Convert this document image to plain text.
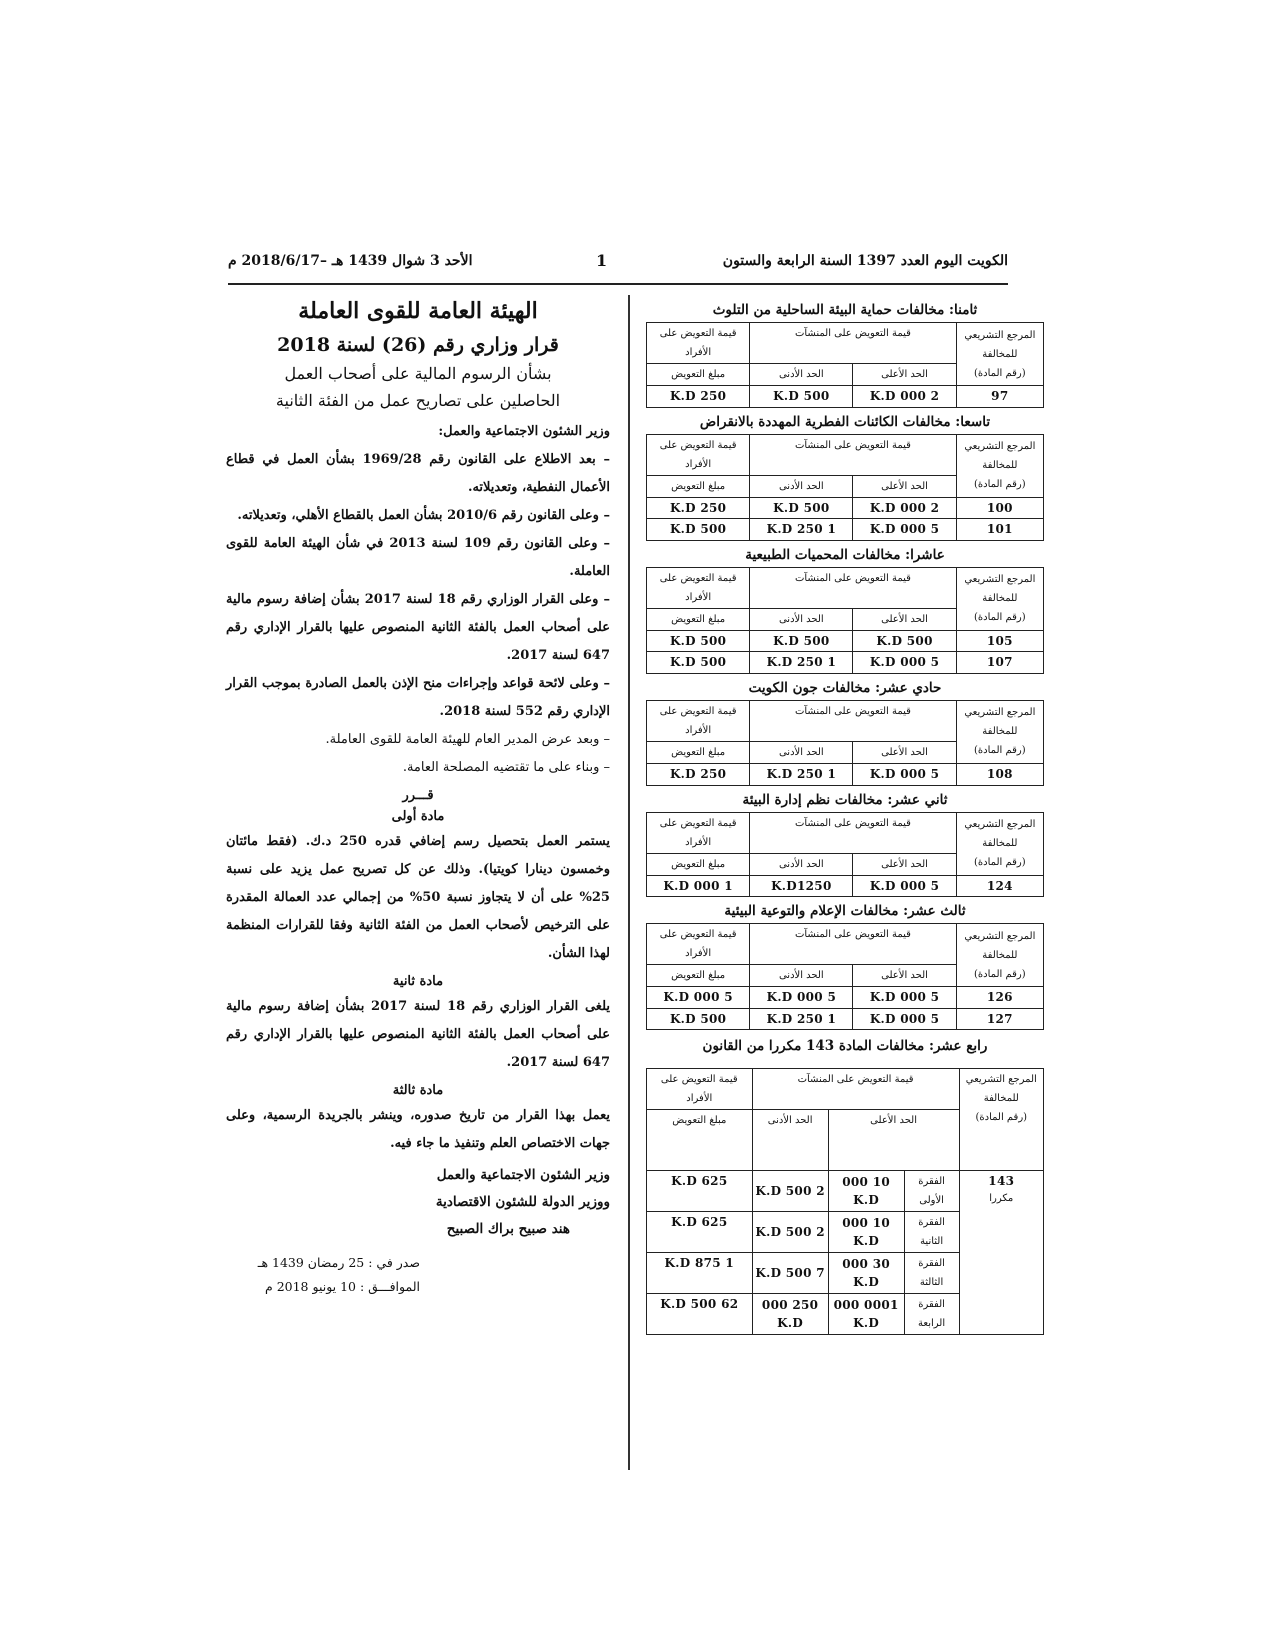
الكويت اليوم العدد 1397 السنة الرابعة والستون
1
الأحد 3 شوال 1439 هـ –2018/6/17 م
ثامنا: مخالفات حماية البيئة الساحلية من التلوث
المرجع التشريعي للمخالفة
(رقم المادة)	قيمة التعويض على المنشآت		قيمة التعويض على الأفراد
	الحد الأعلى	الحد الأدنى	مبلغ التعويض
97	2 000 K.D	500 K.D	250 K.D
تاسعا: مخالفات الكائنات الفطرية المهددة بالانقراض
المرجع التشريعي للمخالفة
(رقم المادة)	قيمة التعويض على المنشآت		قيمة التعويض على الأفراد
	الحد الأعلى	الحد الأدنى	مبلغ التعويض
100	2 000 K.D	500 K.D	250 K.D
101	5 000 K.D	1 250 K.D	500 K.D
عاشرا: مخالفات المحميات الطبيعية
المرجع التشريعي للمخالفة
(رقم المادة)	قيمة التعويض على المنشآت		قيمة التعويض على الأفراد
	الحد الأعلى	الحد الأدنى	مبلغ التعويض
105	500 K.D	500 K.D	500 K.D
107	5 000 K.D	1 250 K.D	500 K.D
حادي عشر: مخالفات جون الكويت
المرجع التشريعي للمخالفة
(رقم المادة)	قيمة التعويض على المنشآت		قيمة التعويض على الأفراد
	الحد الأعلى	الحد الأدنى	مبلغ التعويض
108	5 000 K.D	1 250 K.D	250 K.D
ثاني عشر: مخالفات نظم إدارة البيئة
المرجع التشريعي للمخالفة
(رقم المادة)	قيمة التعويض على المنشآت		قيمة التعويض على الأفراد
	الحد الأعلى	الحد الأدنى	مبلغ التعويض
124	5 000 K.D	K.D1250	1 000 K.D
ثالث عشر: مخالفات الإعلام والتوعية البيئية
المرجع التشريعي للمخالفة
(رقم المادة)	قيمة التعويض على المنشآت		قيمة التعويض على الأفراد
	الحد الأعلى	الحد الأدنى	مبلغ التعويض
126	5 000 K.D	5 000 K.D	5 000 K.D
127	5 000 K.D	1 250 K.D	500 K.D
رابع عشر: مخالفات المادة 143 مكررا من القانون
المرجع التشريعي للمخالفة
(رقم المادة)	قيمة التعويض على المنشآت			قيمة التعويض على الأفراد
	الحد الأعلى		الحد الأدنى	مبلغ التعويض

143
مكررا	الفقرة الأولى	10 000 K.D	2 500 K.D	625 K.D
	الفقرة الثانية	10 000 K.D	2 500 K.D	625 K.D
	الفقرة الثالثة	30 000 K.D	7 500 K.D	1 875 K.D
	الفقرة الرابعة	0001 000 K.D	250 000 K.D	62 500 K.D
الهيئة العامة للقوى العاملة
قرار وزاري رقم (26) لسنة 2018
بشأن الرسوم المالية على أصحاب العمل
الحاصلين على تصاريح عمل من الفئة الثانية

وزير الشئون الاجتماعية والعمل:

– بعد الاطلاع على القانون رقم 1969/28 بشأن العمل في قطاع الأعمال النفطية، وتعديلاته.

– وعلى القانون رقم 2010/6 بشأن العمل بالقطاع الأهلي، وتعديلاته.

– وعلى القانون رقم 109 لسنة 2013 في شأن الهيئة العامة للقوى العاملة.

– وعلى القرار الوزاري رقم 18 لسنة 2017 بشأن إضافة رسوم مالية على أصحاب العمل بالفئة الثانية المنصوص عليها بالقرار الإداري رقم 647 لسنة 2017.

– وعلى لائحة قواعد وإجراءات منح الإذن بالعمل الصادرة بموجب القرار الإداري رقم 552 لسنة 2018.

– وبعد عرض المدير العام للهيئة العامة للقوى العاملة.

– وبناء على ما تقتضيه المصلحة العامة.

قـــرر
مادة أولى

يستمر العمل بتحصيل رسم إضافي قدره 250 د.ك. (فقط مائتان وخمسون دينارا كويتيا). وذلك عن كل تصريح عمل يزيد على نسبة 25% على أن لا يتجاوز نسبة 50% من إجمالي عدد العمالة المقدرة على الترخيص لأصحاب العمل من الفئة الثانية وفقا للقرارات المنظمة لهذا الشأن.

مادة ثانية

يلغى القرار الوزاري رقم 18 لسنة 2017 بشأن إضافة رسوم مالية على أصحاب العمل بالفئة الثانية المنصوص عليها بالقرار الإداري رقم 647 لسنة 2017.

مادة ثالثة

يعمل بهذا القرار من تاريخ صدوره، وينشر بالجريدة الرسمية، وعلى جهات الاختصاص العلم وتنفيذ ما جاء فيه.

وزير الشئون الاجتماعية والعمل

ووزير الدولة للشئون الاقتصادية

هند صبيح براك الصبيح

صدر في : 25 رمضان 1439 هـ

الموافـــق : 10 يونيو 2018 م
